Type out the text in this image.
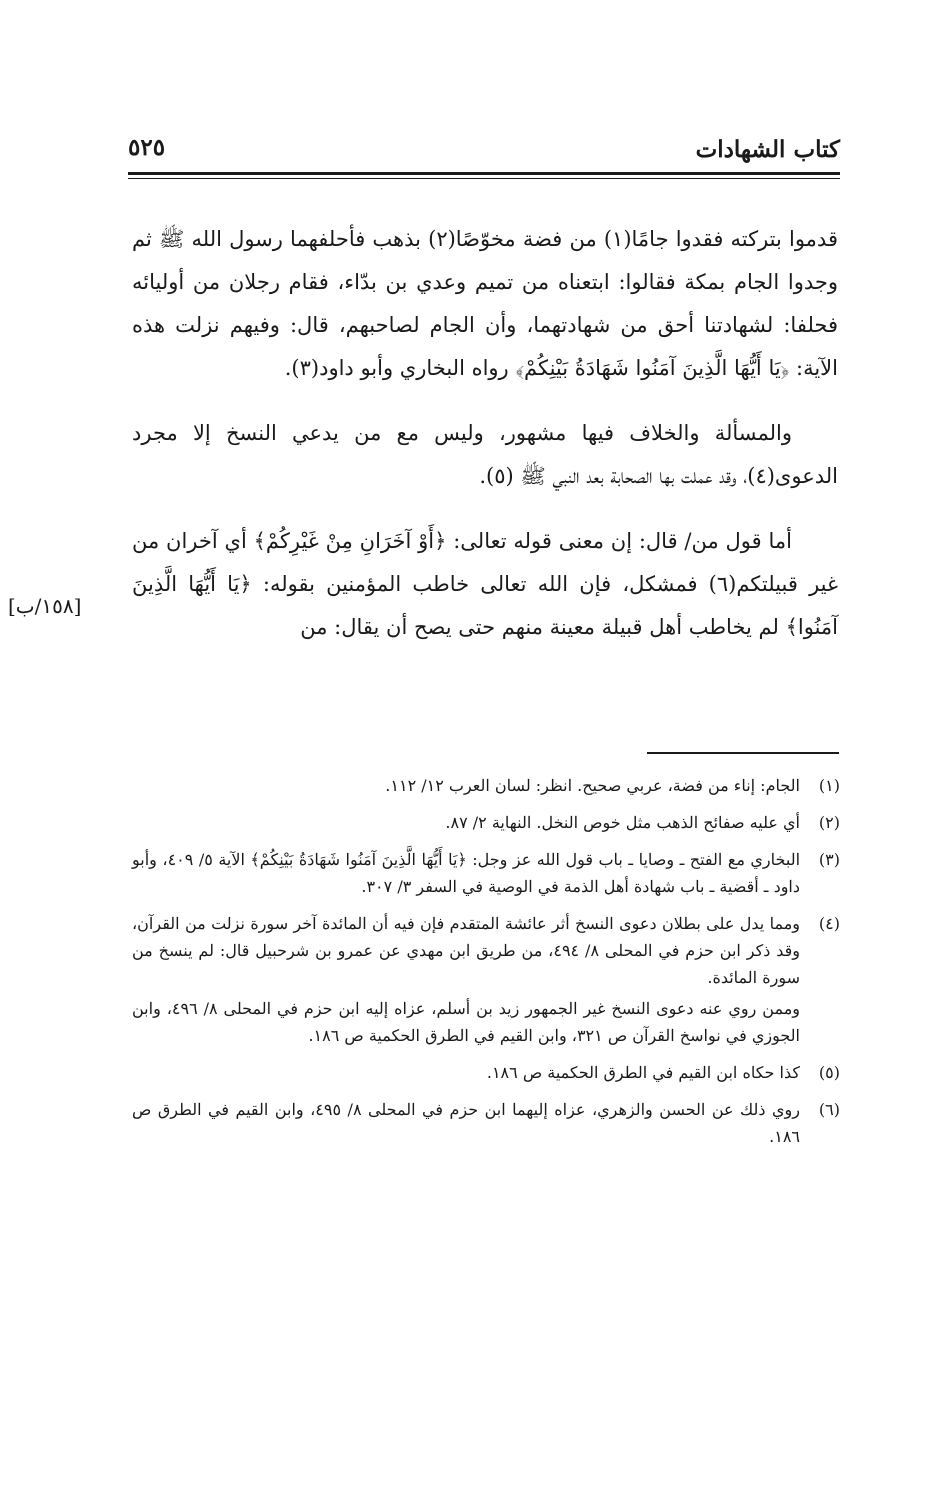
كتاب الشهادات
٥٢٥
[١٥٨/ب]

قدموا بتركته فقدوا جامًا(١) من فضة مخوّصًا(٢) بذهب فأحلفهما رسول الله ﷺ ثم وجدوا الجام بمكة فقالوا: ابتعناه من تميم وعدي بن بدّاء، فقام رجلان من أوليائه فحلفا: لشهادتنا أحق من شهادتهما، وأن الجام لصاحبهم، قال: وفيهم نزلت هذه الآية: ﴿يَا أَيُّهَا الَّذِينَ آمَنُوا شَهَادَةُ بَيْنِكُمْ﴾ رواه البخاري وأبو داود(٣).

والمسألة والخلاف فيها مشهور، وليس مع من يدعي النسخ إلا مجرد الدعوى(٤)، وقد عملت بها الصحابة بعد النبي ﷺ (٥).

أما قول من/ قال: إن معنى قوله تعالى: ﴿أَوْ آخَرَانِ مِنْ غَيْرِكُمْ﴾ أي آخران من غير قبيلتكم(٦) فمشكل، فإن الله تعالى خاطب المؤمنين بقوله: ﴿يَا أَيُّهَا الَّذِينَ آمَنُوا﴾ لم يخاطب أهل قبيلة معينة منهم حتى يصح أن يقال: من

(١)

الجام: إناء من فضة، عربي صحيح. انظر: لسان العرب ١٢/ ١١٢.

(٢)

أي عليه صفائح الذهب مثل خوص النخل. النهاية ٢/ ٨٧.

(٣)

البخاري مع الفتح ـ وصايا ـ باب قول الله عز وجل: ﴿يَا أَيُّهَا الَّذِينَ آمَنُوا شَهَادَةُ بَيْنِكُمْ﴾ الآية ٥/ ٤٠٩، وأبو داود ـ أقضية ـ باب شهادة أهل الذمة في الوصية في السفر ٣/ ٣٠٧.

(٤)

ومما يدل على بطلان دعوى النسخ أثر عائشة المتقدم فإن فيه أن المائدة آخر سورة نزلت من القرآن، وقد ذكر ابن حزم في المحلى ٨/ ٤٩٤، من طريق ابن مهدي عن عمرو بن شرحبيل قال: لم ينسخ من سورة المائدة.

وممن روي عنه دعوى النسخ غير الجمهور زيد بن أسلم، عزاه إليه ابن حزم في المحلى ٨/ ٤٩٦، وابن الجوزي في نواسخ القرآن ص ٣٢١، وابن القيم في الطرق الحكمية ص ١٨٦.

(٥)

كذا حكاه ابن القيم في الطرق الحكمية ص ١٨٦.

(٦)

روي ذلك عن الحسن والزهري، عزاه إليهما ابن حزم في المحلى ٨/ ٤٩٥، وابن القيم في الطرق ص ١٨٦.
